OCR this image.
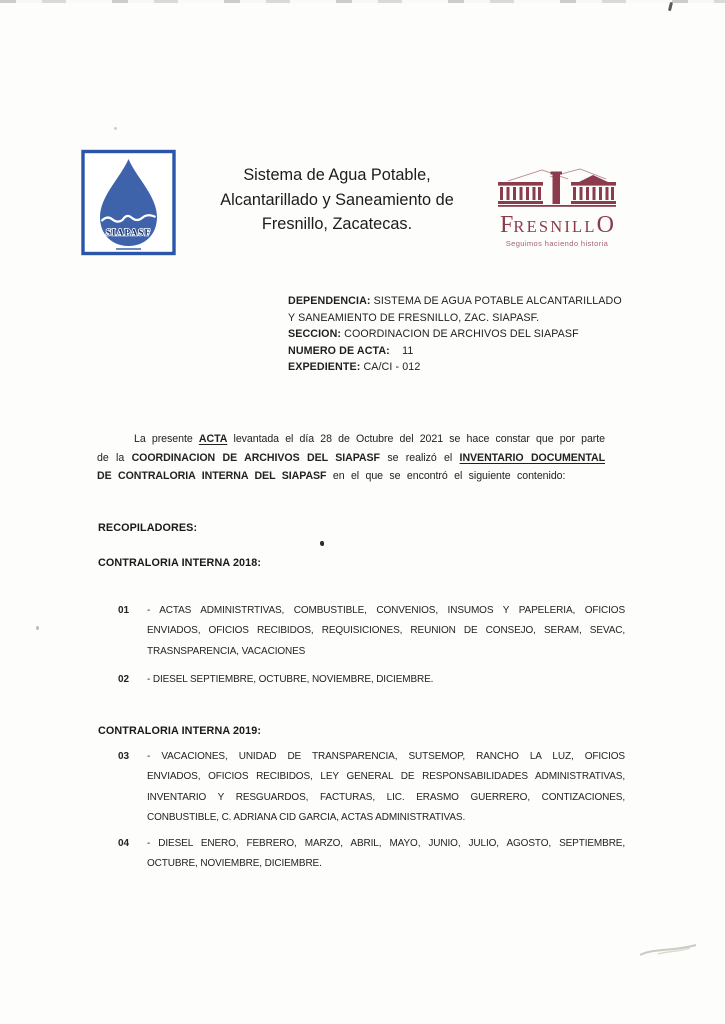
SIAPASF
Sistema de Agua Potable,
Alcantarillado y Saneamiento de
Fresnillo, Zacatecas.	F RESNILL O
Seguimos haciendo historia
DEPENDENCIA: SISTEMA DE AGUA POTABLE ALCANTARILLADO
Y SANEAMIENTO DE FRESNILLO, ZAC. SIAPASF.
SECCION: COORDINACION DE ARCHIVOS DEL SIAPASF
NUMERO DE ACTA:    11
EXPEDIENTE: CA/CI - 012
La presente ACTA levantada el día 28 de Octubre del 2021 se hace constar que por parte
de la COORDINACION DE ARCHIVOS DEL SIAPASF se realizó el INVENTARIO DOCUMENTAL
DE CONTRALORIA INTERNA DEL SIAPASF en el que se encontró el siguiente contenido:
RECOPILADORES:
CONTRALORIA INTERNA 2018:
CONTRALORIA INTERNA 2019:
01 - ACTAS ADMINISTRTIVAS, COMBUSTIBLE, CONVENIOS, INSUMOS Y PAPELERIA, OFICIOS
ENVIADOS, OFICIOS RECIBIDOS, REQUISICIONES, REUNION DE CONSEJO, SERAM, SEVAC,
TRASNSPARENCIA, VACACIONES
02 - DIESEL SEPTIEMBRE, OCTUBRE, NOVIEMBRE, DICIEMBRE.
03 - VACACIONES, UNIDAD DE TRANSPARENCIA, SUTSEMOP, RANCHO LA LUZ, OFICIOS
ENVIADOS, OFICIOS RECIBIDOS, LEY GENERAL DE RESPONSABILIDADES ADMINISTRATIVAS,
INVENTARIO Y RESGUARDOS, FACTURAS, LIC. ERASMO GUERRERO, CONTIZACIONES,
CONBUSTIBLE, C. ADRIANA CID GARCIA, ACTAS ADMINISTRATIVAS.
04 - DIESEL ENERO, FEBRERO, MARZO, ABRIL, MAYO, JUNIO, JULIO, AGOSTO, SEPTIEMBRE,
OCTUBRE, NOVIEMBRE, DICIEMBRE.
